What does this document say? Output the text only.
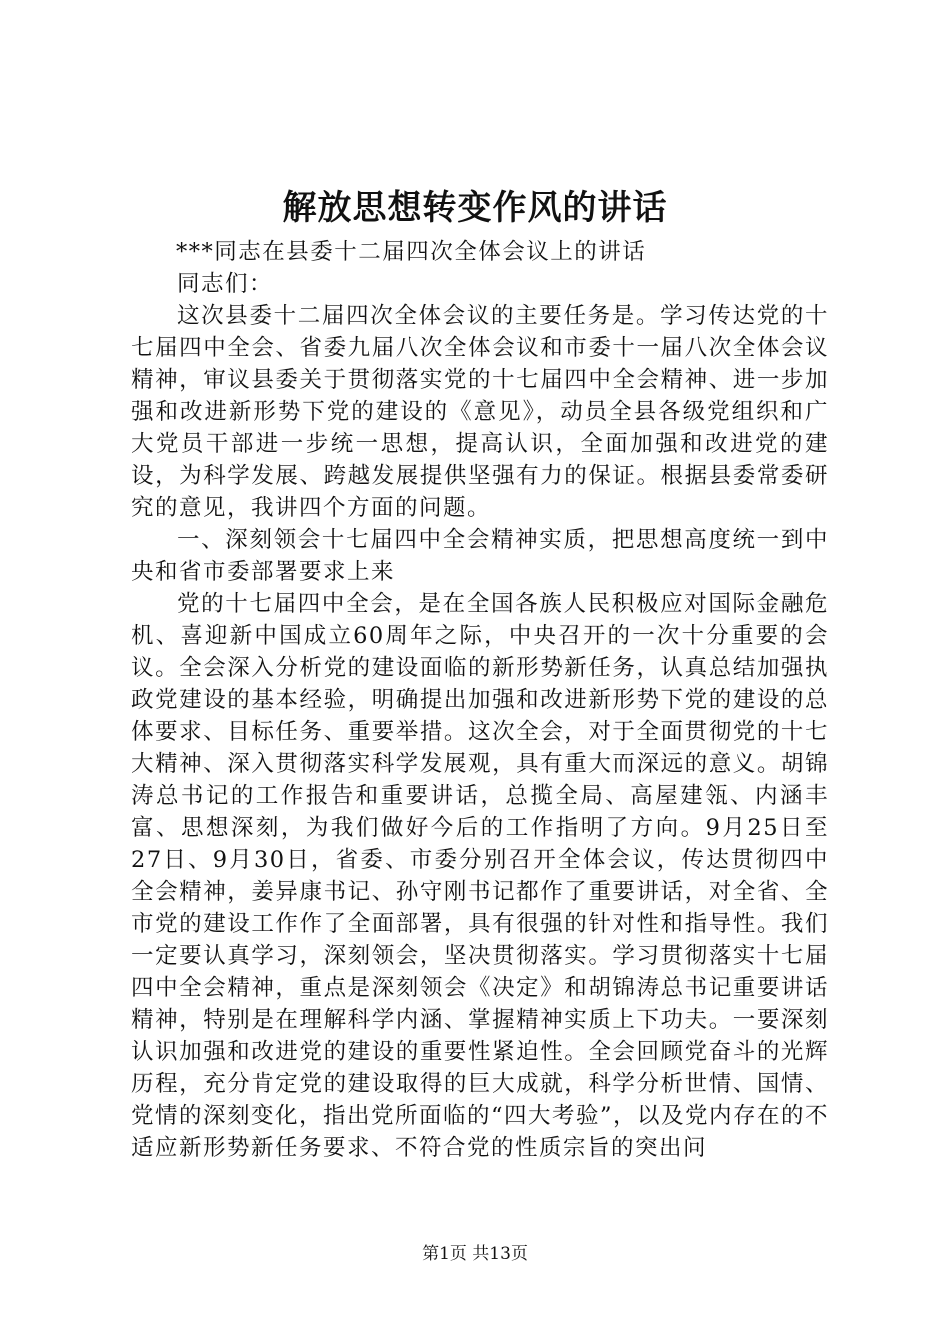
解放思想转变作风的讲话

***同志在县委十二届四次全体会议上的讲话

同志们：

这次县委十二届四次全体会议的主要任务是。学习传达党的十七届四中全会、省委九届八次全体会议和市委十一届八次全体会议精神，审议县委关于贯彻落实党的十七届四中全会精神、进一步加强和改进新形势下党的建设的《意见》，动员全县各级党组织和广大党员干部进一步统一思想，提高认识，全面加强和改进党的建设，为科学发展、跨越发展提供坚强有力的保证。根据县委常委研究的意见，我讲四个方面的问题。

一、深刻领会十七届四中全会精神实质，把思想高度统一到中央和省市委部署要求上来

党的十七届四中全会，是在全国各族人民积极应对国际金融危机、喜迎新中国成立60周年之际，中央召开的一次十分重要的会议。全会深入分析党的建设面临的新形势新任务，认真总结加强执政党建设的基本经验，明确提出加强和改进新形势下党的建设的总体要求、目标任务、重要举措。这次全会，对于全面贯彻党的十七大精神、深入贯彻落实科学发展观，具有重大而深远的意义。胡锦涛总书记的工作报告和重要讲话，总揽全局、高屋建瓴、内涵丰富、思想深刻，为我们做好今后的工作指明了方向。9月25日至27日、9月30日，省委、市委分别召开全体会议，传达贯彻四中全会精神，姜异康书记、孙守刚书记都作了重要讲话，对全省、全市党的建设工作作了全面部署，具有很强的针对性和指导性。我们一定要认真学习，深刻领会，坚决贯彻落实。学习贯彻落实十七届四中全会精神，重点是深刻领会《决定》和胡锦涛总书记重要讲话精神，特别是在理解科学内涵、掌握精神实质上下功夫。一要深刻认识加强和改进党的建设的重要性紧迫性。全会回顾党奋斗的光辉历程，充分肯定党的建设取得的巨大成就，科学分析世情、国情、党情的深刻变化，指出党所面临的“四大考验”，以及党内存在的不适应新形势新任务要求、不符合党的性质宗旨的突出问

第1页 共13页
